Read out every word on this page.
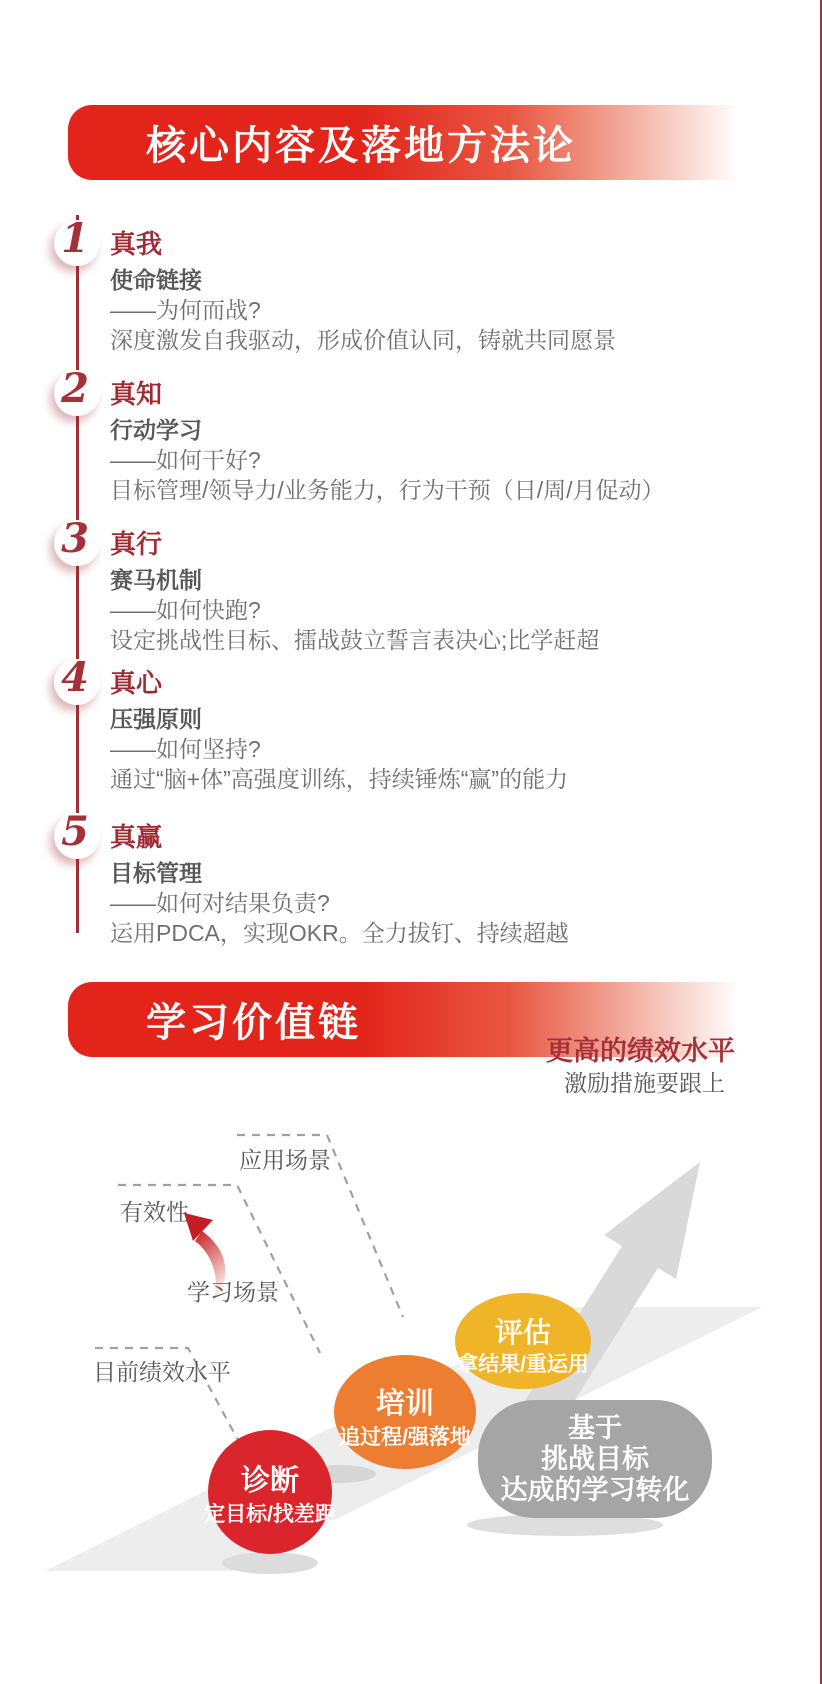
核心内容及落地方法论
1 真我

使命链接

——为何而战?

深度激发自我驱动，形成价值认同，铸就共同愿景

2 真知

行动学习

——如何干好?

目标管理/领导力/业务能力，行为干预（日/周/月促动）

3 真行

赛马机制

——如何快跑?

设定挑战性目标、擂战鼓立誓言表决心;比学赶超

4 真心

压强原则

——如何坚持?

通过“脑+体”高强度训练，持续锤炼“赢”的能力

5 真赢

目标管理

——如何对结果负责?

运用PDCA，实现OKR。全力拔钉、持续超越

学习价值链
更高的绩效水平
激励措施要跟上
应用场景
有效性
学习场景
目前绩效水平
基于
挑战目标
达成的学习转化
评估
拿结果/重运用
培训
追过程/强落地
诊断
定目标/找差距
